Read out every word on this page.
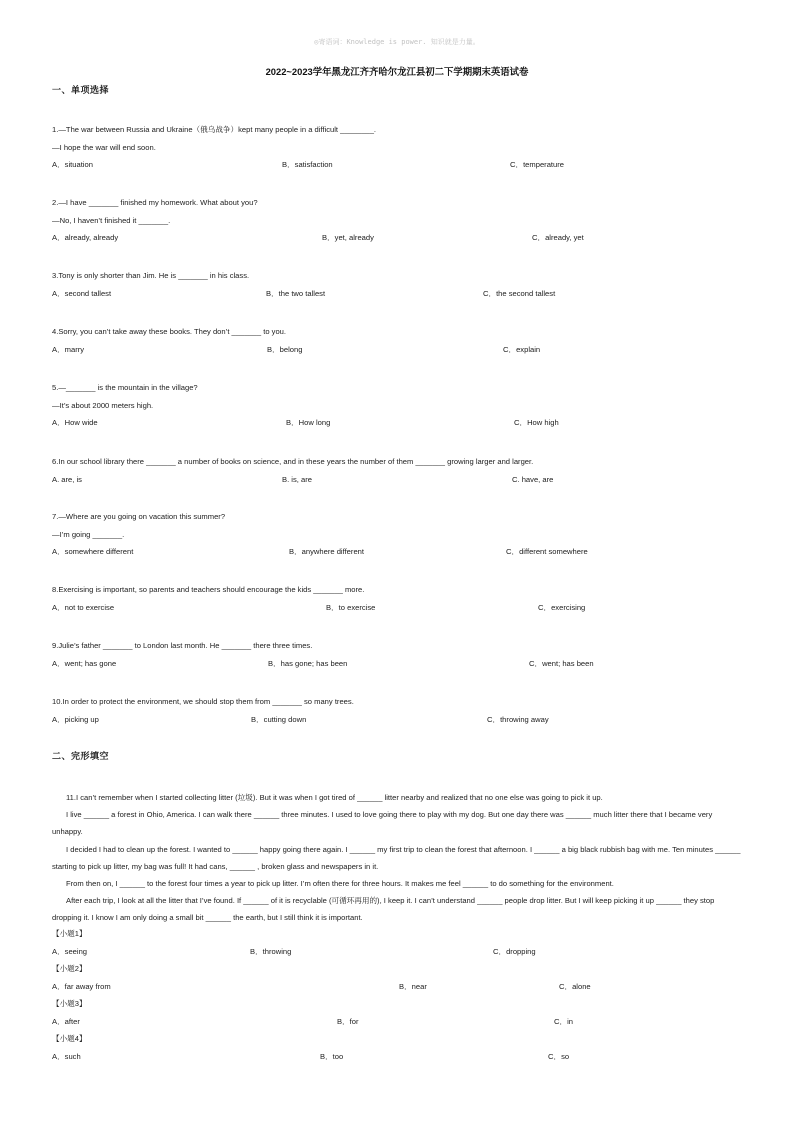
◎寄语词：Knowledge is power. 知识就是力量。
2022~2023学年黑龙江齐齐哈尔龙江县初二下学期期末英语试卷
一、单项选择
1.—The war between Russia and Ukraine（俄乌战争）kept many people in a difficult ________.
—I hope the war will end soon.
A．situation	B．satisfaction	C．temperature
2.—I have _______ finished my homework. What about you?
—No, I haven’t finished it _______.
A．already, already	B．yet, already	C．already, yet
3.Tony is only shorter than Jim. He is _______ in his class.
A．second tallest	B．the two tallest	C．the second tallest
4.Sorry, you can’t take away these books. They don’t _______ to you.
A．marry	B．belong	C．explain
5.—_______ is the mountain in the village?
—It’s about 2000 meters high.
A．How wide	B．How long	C．How high
6.In our school library there _______ a number of books on science, and in these years the number of them _______ growing larger and larger.
A. are, is	B. is, are	C. have, are
7.—Where are you going on vacation this summer?
—I’m going _______.
A．somewhere different	B．anywhere different	C．different somewhere
8.Exercising is important, so parents and teachers should encourage the kids _______ more.
A．not to exercise	B．to exercise	C．exercising
9.Julie’s father _______ to London last month. He _______ there three times.
A．went; has gone	B．has gone; has been	C．went; has been
10.In order to protect the environment, we should stop them from _______ so many trees.
A．picking up	B．cutting down	C．throwing away
二、完形填空

11.I can’t remember when I started collecting litter (垃圾). But it was when I got tired of ______ litter nearby and realized that no one else was going to pick it up.

I live ______ a forest in Ohio, America. I can walk there ______ three minutes. I used to love going there to play with my dog. But one day there was ______ much litter there that I became very unhappy.

I decided I had to clean up the forest. I wanted to ______ happy going there again. I ______ my first trip to clean the forest that afternoon. I ______ a big black rubbish bag with me. Ten minutes ______ starting to pick up litter, my bag was full! It had cans, ______ , broken glass and newspapers in it.

From then on, I ______ to the forest four times a year to pick up litter. I’m often there for three hours. It makes me feel ______ to do something for the environment.

After each trip, I look at all the litter that I’ve found. If ______ of it is recyclable (可循环再用的), I keep it. I can’t understand ______ people drop litter. But I will keep picking it up ______ they stop dropping it. I know I am only doing a small bit ______ the earth, but I still think it is important.

【小题1】
A．seeing	B．throwing	C．dropping
【小题2】
A．far away from	B．near	C．alone
【小题3】
A．after	B．for	C．in
【小题4】
A．such	B．too	C．so
